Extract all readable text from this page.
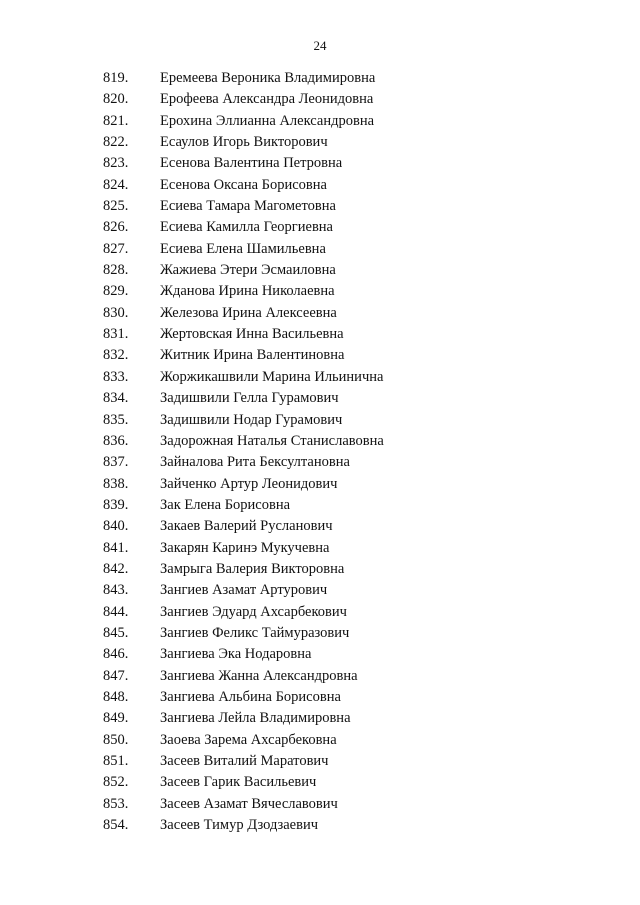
24
819. Еремеева Вероника Владимировна
820. Ерофеева Александра Леонидовна
821. Ерохина Эллианна Александровна
822. Есаулов Игорь Викторович
823. Есенова Валентина Петровна
824. Есенова Оксана Борисовна
825. Есиева Тамара Магометовна
826. Есиева Камилла Георгиевна
827. Есиева Елена Шамильевна
828. Жажиева Этери Эсмаиловна
829. Жданова Ирина Николаевна
830. Железова Ирина Алексеевна
831. Жертовская Инна Васильевна
832. Житник Ирина Валентиновна
833. Жоржикашвили Марина Ильинична
834. Задишвили Гелла Гурамович
835. Задишвили Нодар Гурамович
836. Задорожная Наталья Станиславовна
837. Зайналова Рита Бексултановна
838. Зайченко Артур Леонидович
839. Зак Елена Борисовна
840. Закаев Валерий Русланович
841. Закарян Каринэ Мукучевна
842. Замрыга Валерия Викторовна
843. Зангиев Азамат Артурович
844. Зангиев Эдуард Ахсарбекович
845. Зангиев Феликс Таймуразович
846. Зангиева Эка Нодаровна
847. Зангиева Жанна Александровна
848. Зангиева Альбина Борисовна
849. Зангиева Лейла Владимировна
850. Заоева Зарема Ахсарбековна
851. Засеев Виталий Маратович
852. Засеев Гарик Васильевич
853. Засеев Азамат Вячеславович
854. Засеев Тимур Дзодзаевич
